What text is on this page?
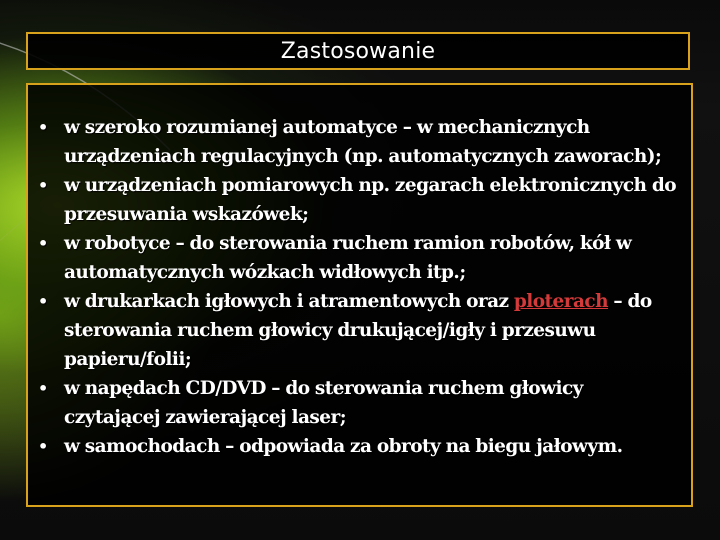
Zastosowanie
• w szeroko rozumianej automatyce – w mechanicznych urządzeniach regulacyjnych (np. automatycznych zaworach);
• w urządzeniach pomiarowych np. zegarach elektronicznych do przesuwania wskazówek;
• w robotyce – do sterowania ruchem ramion robotów, kół w automatycznych wózkach widłowych itp.;
• w drukarkach igłowych i atramentowych oraz ploterach – do sterowania ruchem głowicy drukującej/igły i przesuwu papieru/folii;
• w napędach CD/DVD – do sterowania ruchem głowicy czytającej zawierającej laser;
• w samochodach – odpowiada za obroty na biegu jałowym.
